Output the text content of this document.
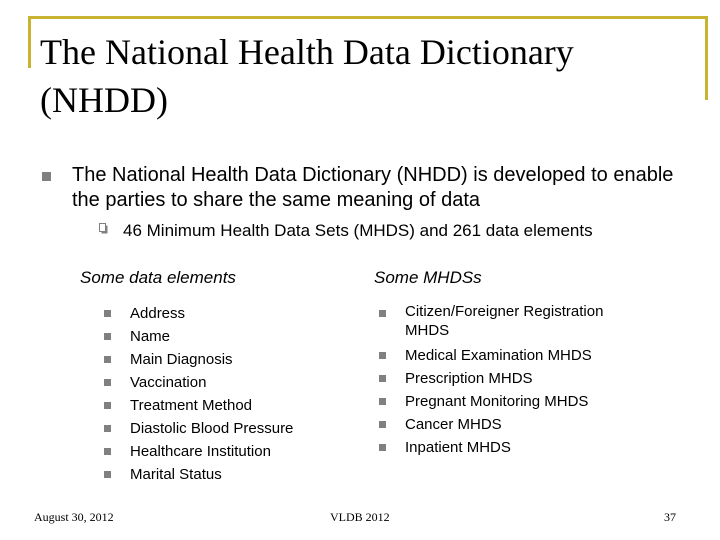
The National Health Data Dictionary (NHDD)
The National Health Data Dictionary (NHDD) is developed to enable the parties to share the same meaning of data
46 Minimum Health Data Sets (MHDS) and 261 data elements
Some data elements
Address
Name
Main Diagnosis
Vaccination
Treatment Method
Diastolic Blood Pressure
Healthcare Institution
Marital Status
Some MHDSs
Citizen/Foreigner Registration MHDS
Medical Examination MHDS
Prescription MHDS
Pregnant Monitoring MHDS
Cancer MHDS
Inpatient MHDS
August 30, 2012	VLDB 2012	37
